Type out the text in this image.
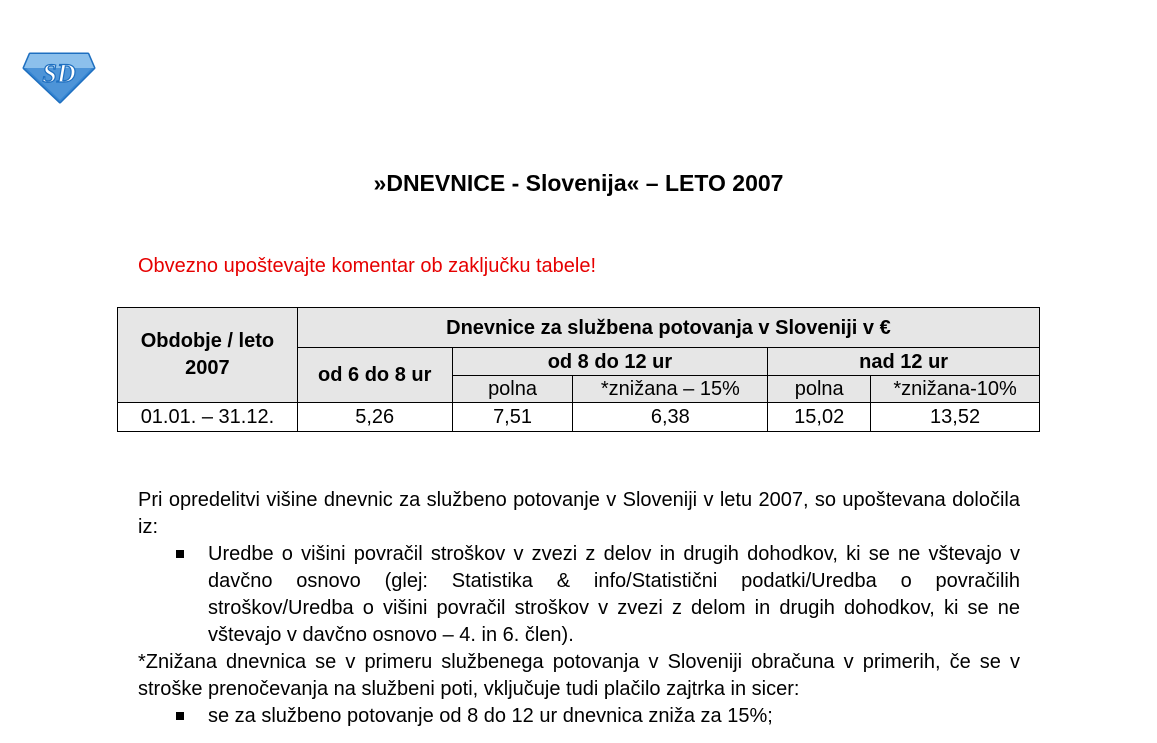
SD
»DNEVNICE - Slovenija« – LETO 2007
Obvezno upoštevajte komentar ob zaključku tabele!
Obdobje / leto 2007	Dnevnice za službena potovanja v Sloveniji v €				
	od 6 do 8 ur	od 8 do 12 ur		nad 12 ur	
		polna	*znižana – 15%	polna	*znižana-10%
01.01. – 31.12.	5,26	7,51	6,38	15,02	13,52

Pri opredelitvi višine dnevnic za službeno potovanje v Sloveniji v letu 2007, so upoštevana določila iz:

Uredbe o višini povračil stroškov v zvezi z delov in drugih dohodkov, ki se ne vštevajo v davčno osnovo (glej: Statistika & info/Statistični podatki/Uredba o povračilih stroškov/Uredba o višini povračil stroškov v zvezi z delom in drugih dohodkov, ki se ne vštevajo v davčno osnovo – 4. in 6. člen).

*Znižana dnevnica se v primeru službenega potovanja v Sloveniji obračuna v primerih, če se v stroške prenočevanja na službeni poti, vključuje tudi plačilo zajtrka in sicer:

se za službeno potovanje od 8 do 12 ur dnevnica zniža za 15%;
